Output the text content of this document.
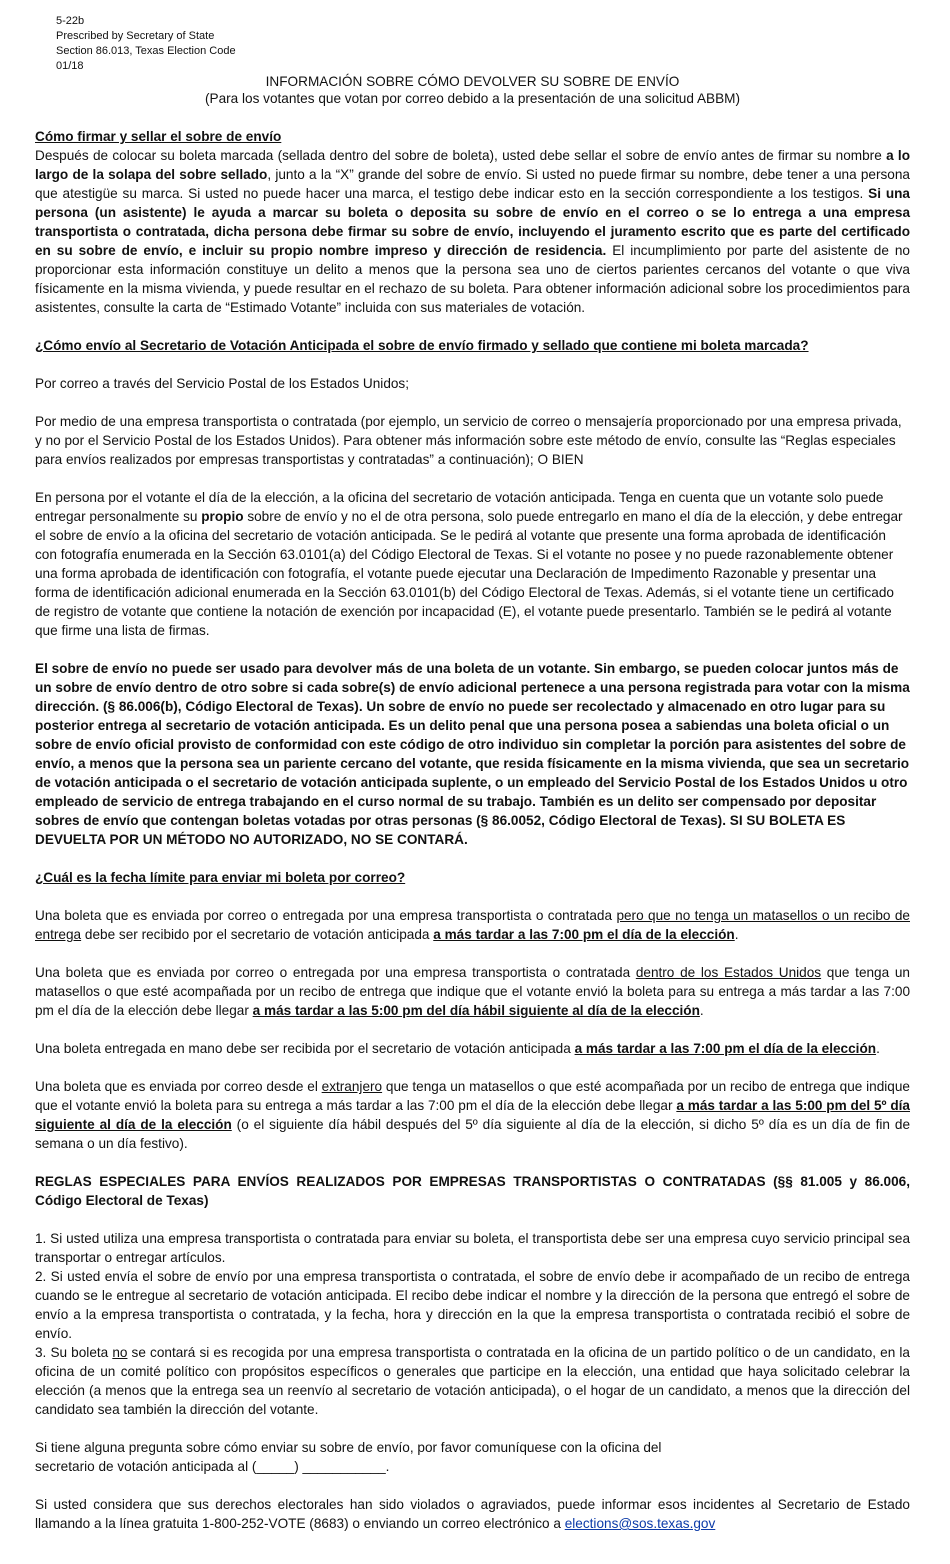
5-22b
Prescribed by Secretary of State
Section 86.013, Texas Election Code
01/18
INFORMACIÓN SOBRE CÓMO DEVOLVER SU SOBRE DE ENVÍO
(Para los votantes que votan por correo debido a la presentación de una solicitud ABBM)

Cómo firmar y sellar el sobre de envío

Después de colocar su boleta marcada (sellada dentro del sobre de boleta), usted debe sellar el sobre de envío antes de firmar su nombre a lo largo de la solapa del sobre sellado, junto a la “X” grande del sobre de envío. Si usted no puede firmar su nombre, debe tener a una persona que atestigüe su marca. Si usted no puede hacer una marca, el testigo debe indicar esto en la sección correspondiente a los testigos. Si una persona (un asistente) le ayuda a marcar su boleta o deposita su sobre de envío en el correo o se lo entrega a una empresa transportista o contratada, dicha persona debe firmar su sobre de envío, incluyendo el juramento escrito que es parte del certificado en su sobre de envío, e incluir su propio nombre impreso y dirección de residencia. El incumplimiento por parte del asistente de no proporcionar esta información constituye un delito a menos que la persona sea uno de ciertos parientes cercanos del votante o que viva físicamente en la misma vivienda, y puede resultar en el rechazo de su boleta. Para obtener información adicional sobre los procedimientos para asistentes, consulte la carta de “Estimado Votante” incluida con sus materiales de votación.

¿Cómo envío al Secretario de Votación Anticipada el sobre de envío firmado y sellado que contiene mi boleta marcada?

Por correo a través del Servicio Postal de los Estados Unidos;

Por medio de una empresa transportista o contratada (por ejemplo, un servicio de correo o mensajería proporcionado por una empresa privada, y no por el Servicio Postal de los Estados Unidos). Para obtener más información sobre este método de envío, consulte las “Reglas especiales para envíos realizados por empresas transportistas y contratadas” a continuación); O BIEN

En persona por el votante el día de la elección, a la oficina del secretario de votación anticipada. Tenga en cuenta que un votante solo puede entregar personalmente su propio sobre de envío y no el de otra persona, solo puede entregarlo en mano el día de la elección, y debe entregar el sobre de envío a la oficina del secretario de votación anticipada. Se le pedirá al votante que presente una forma aprobada de identificación con fotografía enumerada en la Sección 63.0101(a) del Código Electoral de Texas. Si el votante no posee y no puede razonablemente obtener una forma aprobada de identificación con fotografía, el votante puede ejecutar una Declaración de Impedimento Razonable y presentar una forma de identificación adicional enumerada en la Sección 63.0101(b) del Código Electoral de Texas. Además, si el votante tiene un certificado de registro de votante que contiene la notación de exención por incapacidad (E), el votante puede presentarlo. También se le pedirá al votante que firme una lista de firmas.

El sobre de envío no puede ser usado para devolver más de una boleta de un votante. Sin embargo, se pueden colocar juntos más de un sobre de envío dentro de otro sobre si cada sobre(s) de envío adicional pertenece a una persona registrada para votar con la misma dirección. (§ 86.006(b), Código Electoral de Texas). Un sobre de envío no puede ser recolectado y almacenado en otro lugar para su posterior entrega al secretario de votación anticipada. Es un delito penal que una persona posea a sabiendas una boleta oficial o un sobre de envío oficial provisto de conformidad con este código de otro individuo sin completar la porción para asistentes del sobre de envío, a menos que la persona sea un pariente cercano del votante, que resida físicamente en la misma vivienda, que sea un secretario de votación anticipada o el secretario de votación anticipada suplente, o un empleado del Servicio Postal de los Estados Unidos u otro empleado de servicio de entrega trabajando en el curso normal de su trabajo. También es un delito ser compensado por depositar sobres de envío que contengan boletas votadas por otras personas (§ 86.0052, Código Electoral de Texas). SI SU BOLETA ES DEVUELTA POR UN MÉTODO NO AUTORIZADO, NO SE CONTARÁ.

¿Cuál es la fecha límite para enviar mi boleta por correo?

Una boleta que es enviada por correo o entregada por una empresa transportista o contratada pero que no tenga un matasellos o un recibo de entrega debe ser recibido por el secretario de votación anticipada a más tardar a las 7:00 pm el día de la elección.

Una boleta que es enviada por correo o entregada por una empresa transportista o contratada dentro de los Estados Unidos que tenga un matasellos o que esté acompañada por un recibo de entrega que indique que el votante envió la boleta para su entrega a más tardar a las 7:00 pm el día de la elección debe llegar a más tardar a las 5:00 pm del día hábil siguiente al día de la elección.

Una boleta entregada en mano debe ser recibida por el secretario de votación anticipada a más tardar a las 7:00 pm el día de la elección.

Una boleta que es enviada por correo desde el extranjero que tenga un matasellos o que esté acompañada por un recibo de entrega que indique que el votante envió la boleta para su entrega a más tardar a las 7:00 pm el día de la elección debe llegar a más tardar a las 5:00 pm del 5º día siguiente al día de la elección (o el siguiente día hábil después del 5º día siguiente al día de la elección, si dicho 5º día es un día de fin de semana o un día festivo).

REGLAS ESPECIALES PARA ENVÍOS REALIZADOS POR EMPRESAS TRANSPORTISTAS O CONTRATADAS (§§ 81.005 y 86.006, Código Electoral de Texas)

1. Si usted utiliza una empresa transportista o contratada para enviar su boleta, el transportista debe ser una empresa cuyo servicio principal sea transportar o entregar artículos.

2. Si usted envía el sobre de envío por una empresa transportista o contratada, el sobre de envío debe ir acompañado de un recibo de entrega cuando se le entregue al secretario de votación anticipada. El recibo debe indicar el nombre y la dirección de la persona que entregó el sobre de envío a la empresa transportista o contratada, y la fecha, hora y dirección en la que la empresa transportista o contratada recibió el sobre de envío.

3. Su boleta no se contará si es recogida por una empresa transportista o contratada en la oficina de un partido político o de un candidato, en la oficina de un comité político con propósitos específicos o generales que participe en la elección, una entidad que haya solicitado celebrar la elección (a menos que la entrega sea un reenvío al secretario de votación anticipada), o el hogar de un candidato, a menos que la dirección del candidato sea también la dirección del votante.

Si tiene alguna pregunta sobre cómo enviar su sobre de envío, por favor comuníquese con la oficina del

secretario de votación anticipada al (_____) ___________.

Si usted considera que sus derechos electorales han sido violados o agraviados, puede informar esos incidentes al Secretario de Estado llamando a la línea gratuita 1-800-252-VOTE (8683) o enviando un correo electrónico a elections@sos.texas.gov
